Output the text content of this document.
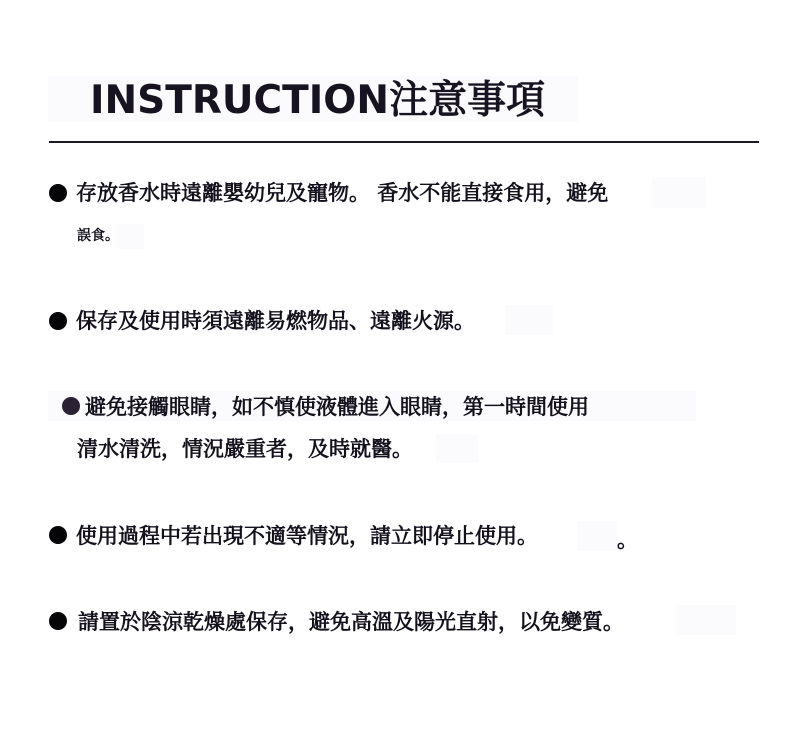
INSTRUCTION注意事項
存放香水時遠離嬰幼兒及寵物。 香水不能直接食用，避免
誤食。
保存及使用時須遠離易燃物品、遠離火源。
避免接觸眼睛，如不慎使液體進入眼睛，第一時間使用
清水清洗，情況嚴重者，及時就醫。
使用過程中若出現不適等情況，請立即停止使用。	。
請置於陰涼乾燥處保存，避免高溫及陽光直射，以免變質。
